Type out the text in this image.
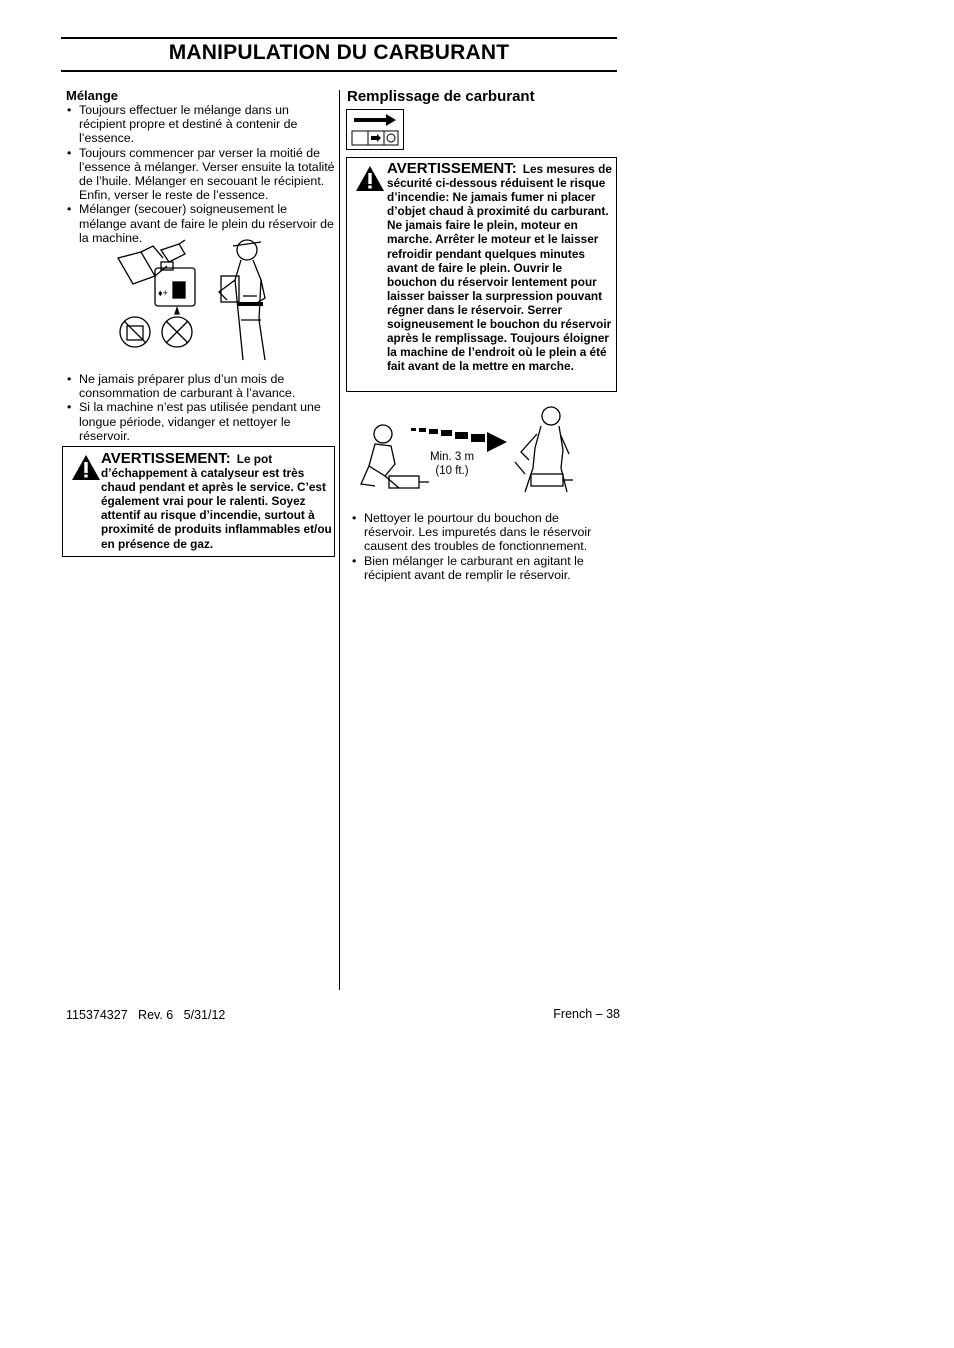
MANIPULATION DU CARBURANT
Mélange
• Toujours effectuer le mélange dans un récipient propre et destiné à contenir de l’essence.
• Toujours commencer par verser la moitié de l’essence à mélanger. Verser ensuite la totalité de l’huile. Mélanger en secouant le récipient. Enfin, verser le reste de l’essence.
• Mélanger (secouer) soigneusement le mélange avant de faire le plein du réservoir de la machine.
♦+
• Ne jamais préparer plus d’un mois de consommation de carburant à l’avance.
• Si la machine n’est pas utilisée pendant une longue période, vidanger et nettoyer le réservoir.
AVERTISSEMENT: Le pot d’échappement à catalyseur est très chaud pendant et après le service. C’est également vrai pour le ralenti. Soyez attentif au risque d’incendie, surtout à proximité de produits inflammables et/ou en présence de gaz.
Remplissage de carburant
AVERTISSEMENT: Les mesures de sécurité ci-dessous réduisent le risque d’incendie: Ne jamais fumer ni placer d’objet chaud à proximité du carburant. Ne jamais faire le plein, moteur en marche. Arrêter le moteur et le laisser refroidir pendant quelques minutes avant de faire le plein. Ouvrir le bouchon du réservoir lentement pour laisser baisser la surpression pouvant régner dans le réservoir. Serrer soigneusement le bouchon du réservoir après le remplissage. Toujours éloigner la machine de l’endroit où le plein a été fait avant de la mettre en marche.
Min. 3 m
(10 ft.)
• Nettoyer le pourtour du bouchon de réservoir. Les impuretés dans le réservoir causent des troubles de fonctionnement.
• Bien mélanger le carburant en agitant le récipient avant de remplir le réservoir.
115374327   Rev. 6   5/31/12	French – 38
